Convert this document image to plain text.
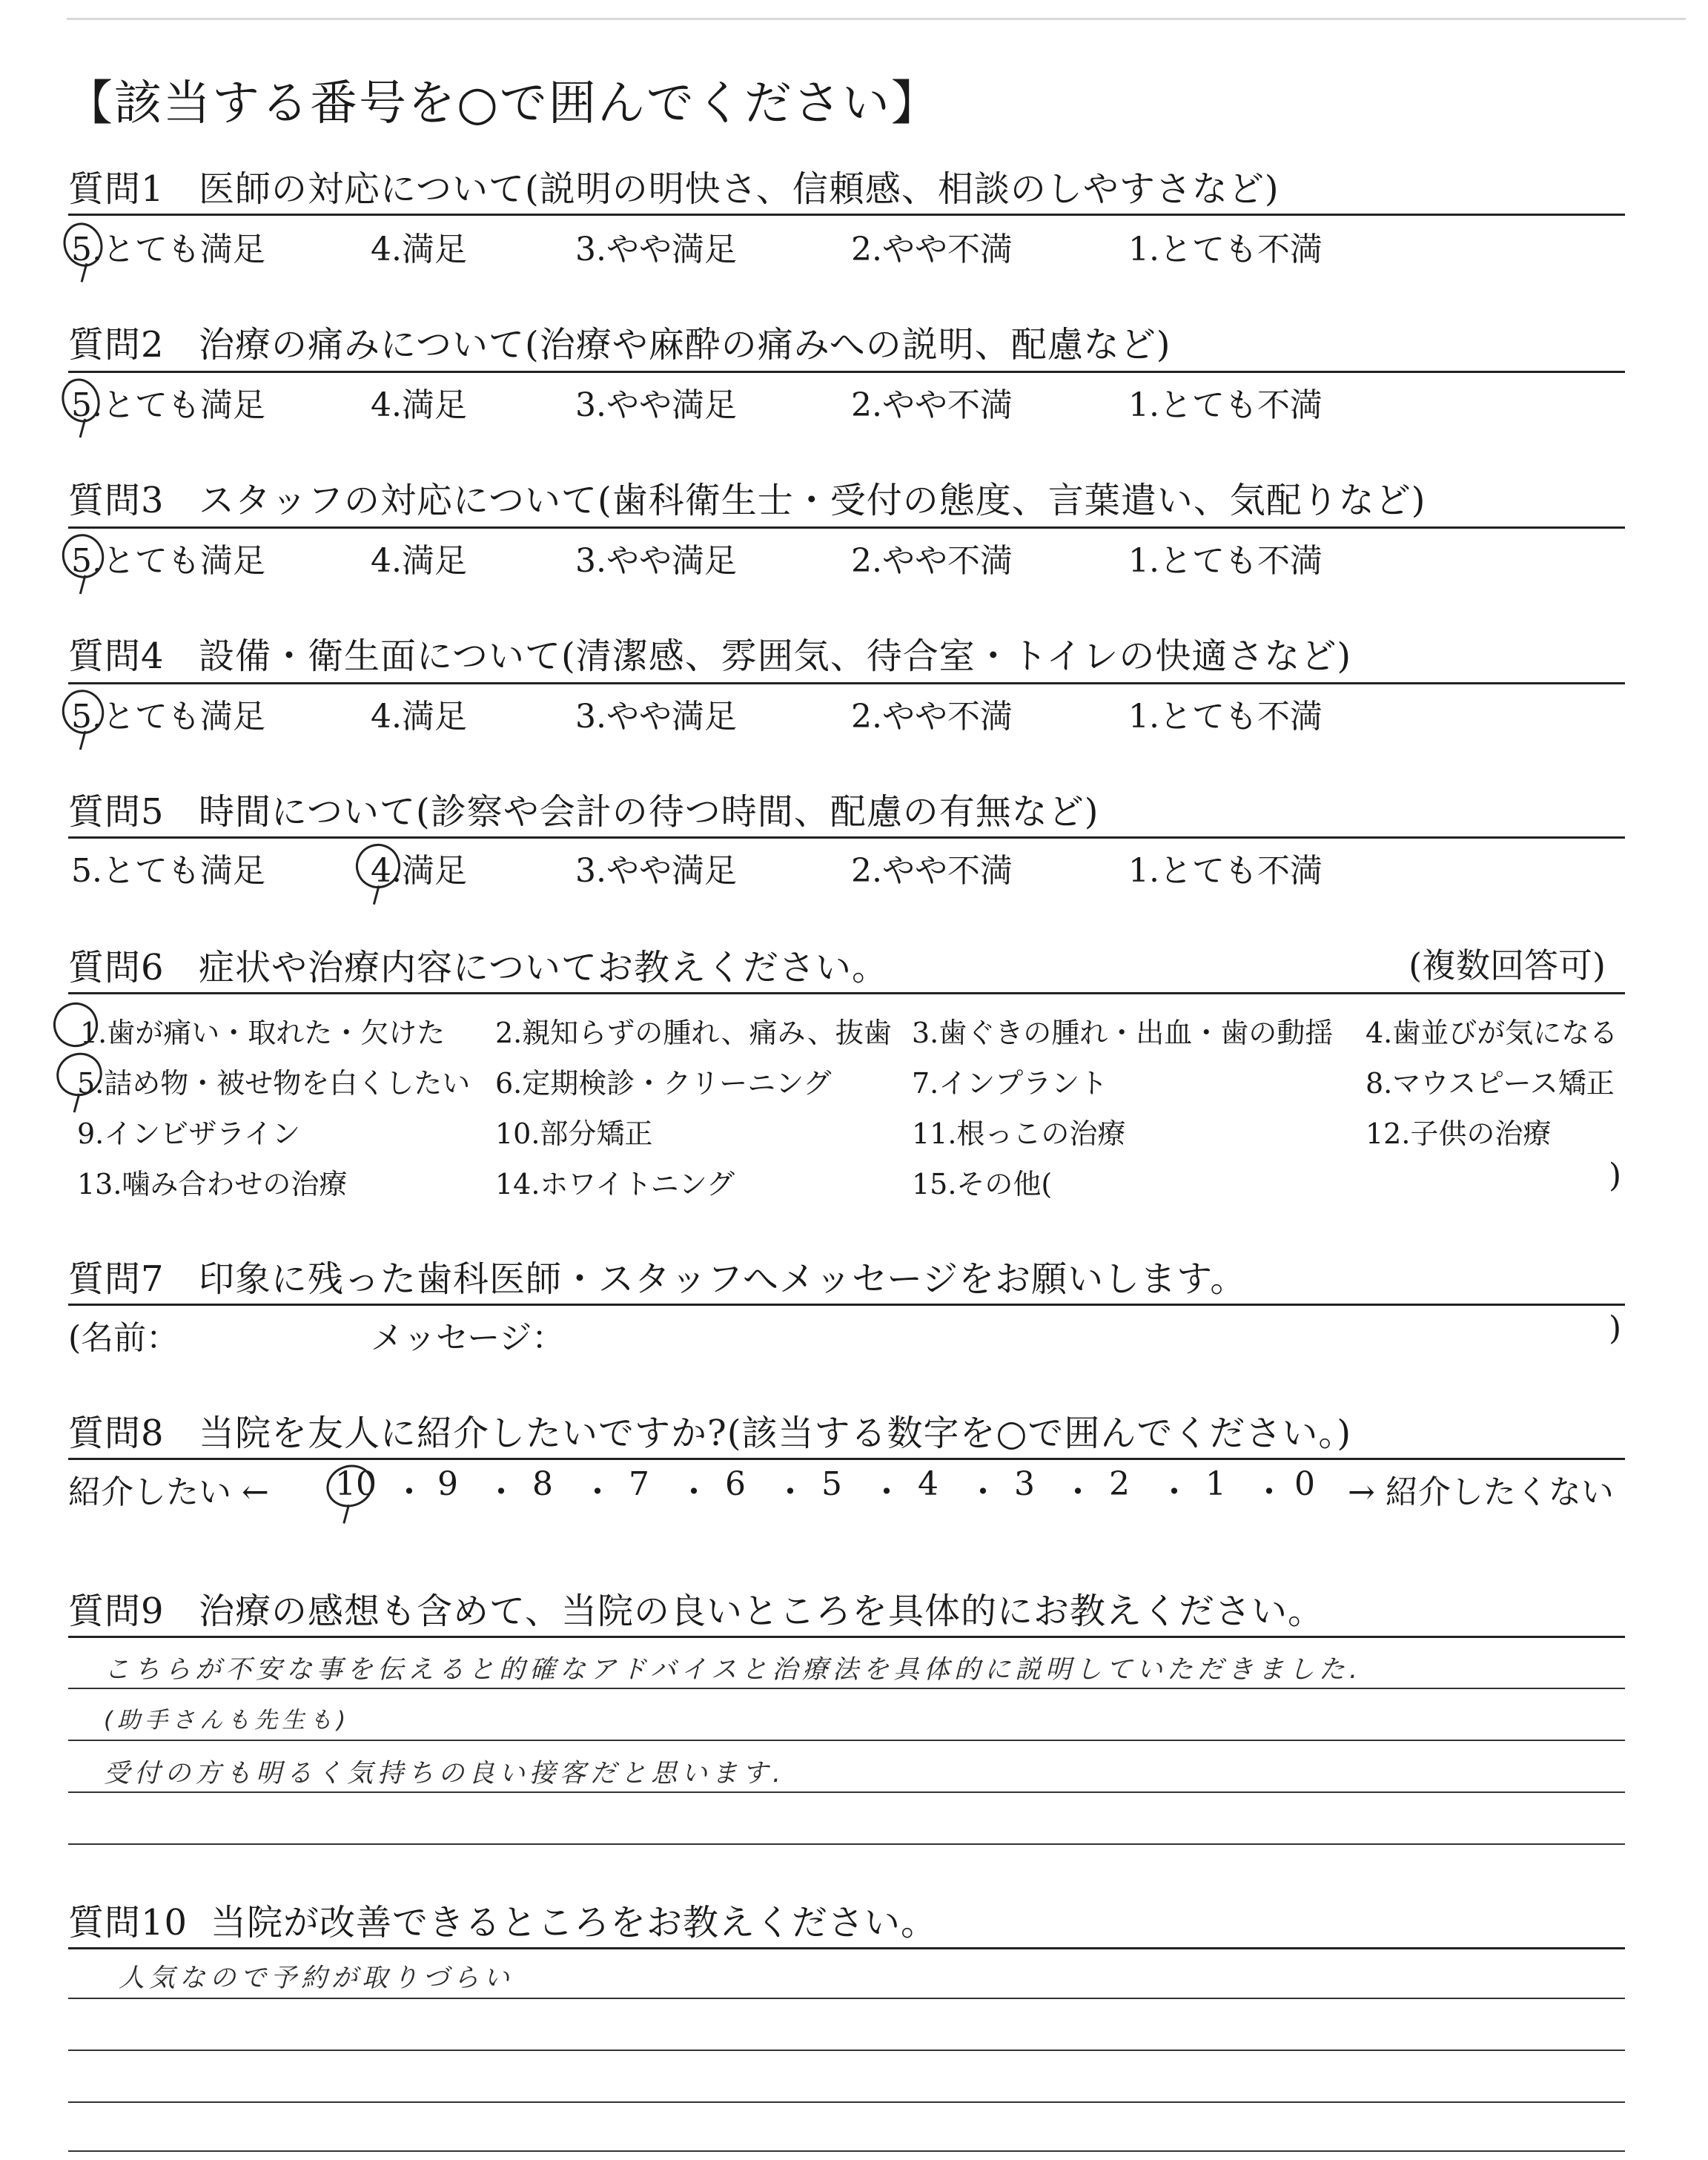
【該当する番号を○で囲んでください】
質問1 医師の対応について(説明の明快さ、信頼感、相談のしやすさなど)
5.とても満足	4.満足	3.やや満足	2.やや不満	1.とても不満
質問2 治療の痛みについて(治療や麻酔の痛みへの説明、配慮など)
5.とても満足	4.満足	3.やや満足	2.やや不満	1.とても不満
質問3 スタッフの対応について(歯科衛生士・受付の態度、言葉遣い、気配りなど)
5.とても満足	4.満足	3.やや満足	2.やや不満	1.とても不満
質問4 設備・衛生面について(清潔感、雰囲気、待合室・トイレの快適さなど)
5.とても満足	4.満足	3.やや満足	2.やや不満	1.とても不満
質問5 時間について(診察や会計の待つ時間、配慮の有無など)
5.とても満足	4.満足	3.やや満足	2.やや不満	1.とても不満
質問6 症状や治療内容についてお教えください。	(複数回答可)
1.歯が痛い・取れた・欠けた 2.親知らずの腫れ、痛み、抜歯 3.歯ぐきの腫れ・出血・歯の動揺 4.歯並びが気になる
5.詰め物・被せ物を白くしたい 6.定期検診・クリーニング	7.インプラント	8.マウスピース矯正
9.インビザライン	10.部分矯正	11.根っこの治療	12.子供の治療
13.噛み合わせの治療	14.ホワイトニング	15.その他(	)
質問7 印象に残った歯科医師・スタッフへメッセージをお願いします。
(名前：	メッセージ：	)
質問8 当院を友人に紹介したいですか?(該当する数字を○で囲んでください。)
紹介したい ← 10 ・ 9 ・ 8 ・ 7 ・ 6 ・ 5 ・ 4 ・ 3 ・ 2 ・ 1 ・ 0 → 紹介したくない
質問9 治療の感想も含めて、当院の良いところを具体的にお教えください。
こちらが不安な事を伝えると的確なアドバイスと治療法を具体的に説明していただきました.
(助手さんも先生も)
受付の方も明るく気持ちの良い接客だと思います.
質問10 当院が改善できるところをお教えください。
人気なので予約が取りづらい
